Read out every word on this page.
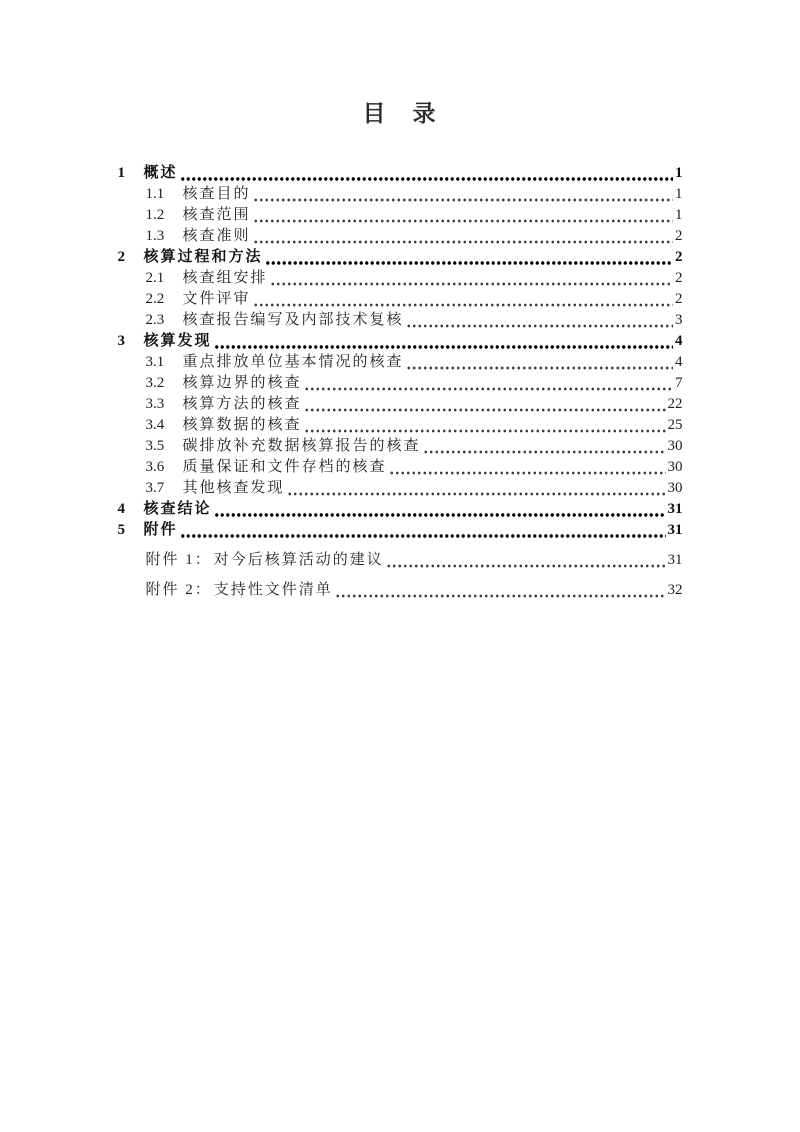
目　录
1	概述	1
1.1	核查目的	1
1.2	核查范围	1
1.3	核查准则	2
2	核算过程和方法	2
2.1	核查组安排	2
2.2	文件评审	2
2.3	核查报告编写及内部技术复核	3
3	核算发现	4
3.1	重点排放单位基本情况的核查	4
3.2	核算边界的核查	7
3.3	核算方法的核查	22
3.4	核算数据的核查	25
3.5	碳排放补充数据核算报告的核查	30
3.6	质量保证和文件存档的核查	30
3.7	其他核查发现	30
4	核查结论	31
5	附件	31
附件 1： 对今后核算活动的建议	31
附件 2： 支持性文件清单	32
